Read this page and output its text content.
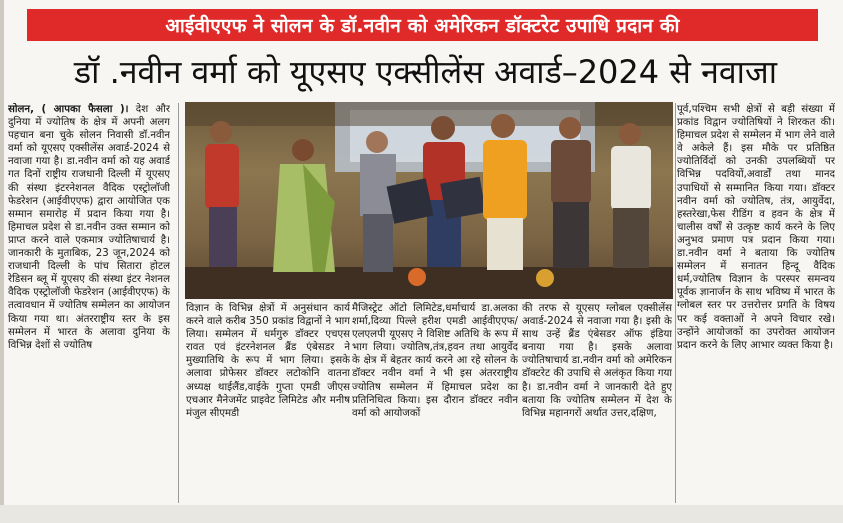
आईवीएएफ ने सोलन के डॉ.नवीन को अमेरिकन डॉक्टरेट उपाधि प्रदान की
डॉ .नवीन वर्मा को यूएसए एक्सीलेंस अवार्ड–2024 से नवाजा
सोलन, ( आपका फैसला )। देश और दुनिया में ज्योतिष के क्षेत्र में अपनी अलग पहचान बना चुके सोलन निवासी डॉ.नवीन वर्मा को यूएसए एक्सीलेंस अवार्ड-2024 से नवाजा गया है। डा.नवीन वर्मा को यह अवार्ड गत दिनों राष्ट्रीय राजधानी दिल्ली में यूएसए की संस्था इंटरनेशनल वैदिक एस्ट्रोलॉजी फेडरेशन (आईवीएएफ) द्वारा आयोजित एक सम्मान समारोह में प्रदान किया गया है। हिमाचल प्रदेश से डा.नवीन उक्त सम्मान को प्राप्त करने वाले एकमात्र ज्योतिषाचार्य है। जानकारी के मुताबिक, 23 जून,2024 को राजधानी दिल्ली के पांच सितारा होटल रेडिसन ब्लू में यूएसए की संस्था इंटर नेशनल वैदिक एस्ट्रोलॉजी फेडरेशन (आईवीएएफ) के तत्वावधान में ज्योतिष सम्मेलन का आयोजन किया गया था। अंतरराष्ट्रीय स्तर के इस सम्मेलन में भारत के अलावा दुनिया के विभिन्न देशों से ज्योतिष
विज्ञान के विभिन्न क्षेत्रों में अनुसंधान कार्य करने वाले करीब 350 प्रकांड विद्वानों ने भाग लिया। सम्मेलन में धर्मगुरु डॉक्टर एचएस रावत एवं इंटरनेशनल ब्रैंड एंबेसडर ने मुख्यातिथि के रूप में भाग लिया। इसके अलावा प्रोफेसर डॉक्टर लटोकोनि वातना अध्यक्ष थाईलैंड,वाईके गुप्ता एमडी जीएस एचआर मैनेजमेंट प्राइवेट लिमिटेड और मनीष मंजुल सीएमडी
मैजिस्ट्रेट ऑटो लिमिटेड,धर्माचार्य डा.अलका शर्मा,दिव्या पिल्ले हरीश एमडी आईवीएएफ/एलएलपी यूएसए ने विशिष्ट अतिथि के रूप में भाग लिया। ज्योतिष,तंत्र,हवन तथा आयुर्वेद के क्षेत्र में बेहतर कार्य करने आ रहे सोलन के डॉक्टर नवीन वर्मा ने भी इस अंतरराष्ट्रीय ज्योतिष सम्मेलन में हिमाचल प्रदेश का प्रतिनिधित्व किया। इस दौरान डॉक्टर नवीन वर्मा को आयोजकों
की तरफ से यूएसए ग्लोबल एक्सीलेंस अवार्ड-2024 से नवाजा गया है। इसी के साथ उन्हें ब्रैंड एंबेसडर ऑफ इंडिया बनाया गया है। इसके अलावा ज्योतिषाचार्य डा.नवीन वर्मा को अमेरिकन डॉक्टरेट की उपाधि से अलंकृत किया गया है। डा.नवीन वर्मा ने जानकारी देते हुए बताया कि ज्योतिष सम्मेलन में देश के विभिन्न महानगरों अर्थात उत्तर,दक्षिण,
पूर्व,पश्चिम सभी क्षेत्रों से बड़ी संख्या में प्रकांड विद्वान ज्योतिषियों ने शिरकत की। हिमाचल प्रदेश से सम्मेलन में भाग लेने वाले वे अकेले हैं। इस मौके पर प्रतिष्ठित ज्योतिर्विदों को उनकी उपलब्धियों पर विभिन्न पदवियों,अवार्डों तथा मानद उपाधियों से सम्मानित किया गया। डॉक्टर नवीन वर्मा को ज्योतिष, तंत्र, आयुर्वेदा, हस्तरेखा,फेस रीडिंग व हवन के क्षेत्र में चालीस वर्षों से उत्कृष्ट कार्य करने के लिए अनुभव प्रमाण पत्र प्रदान किया गया। डा.नवीन वर्मा ने बताया कि ज्योतिष सम्मेलन में सनातन हिन्दू वैदिक धर्म,ज्योतिष विज्ञान के परस्पर समन्वय पूर्वक ज्ञानार्जन के साथ भविष्य में भारत के ग्लोबल स्तर पर उत्तरोत्तर प्रगति के विषय पर कई वक्ताओं ने अपने विचार रखे। उन्होंने आयोजकों का उपरोक्त आयोजन प्रदान करने के लिए आभार व्यक्त किया है।
